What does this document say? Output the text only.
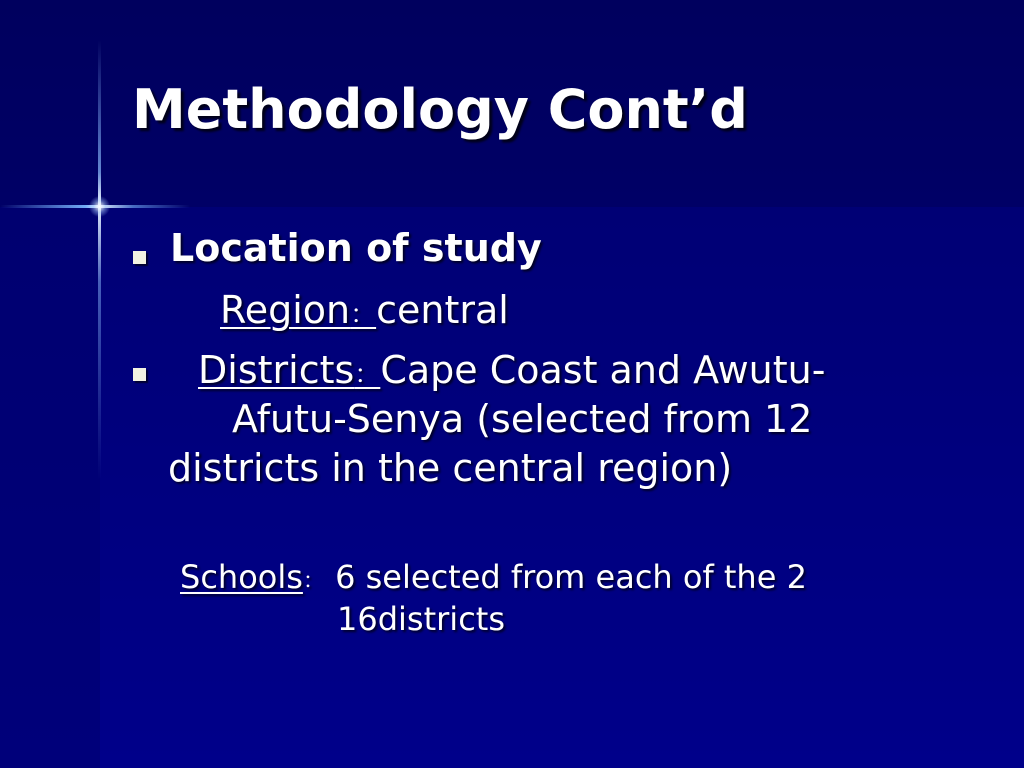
Methodology Cont’d
Location of study
Region：central
Districts：Cape Coast and Awutu-
Afutu-Senya (selected from 12
districts in the central region)
Schools： 6 selected from each of the 2
16districts
